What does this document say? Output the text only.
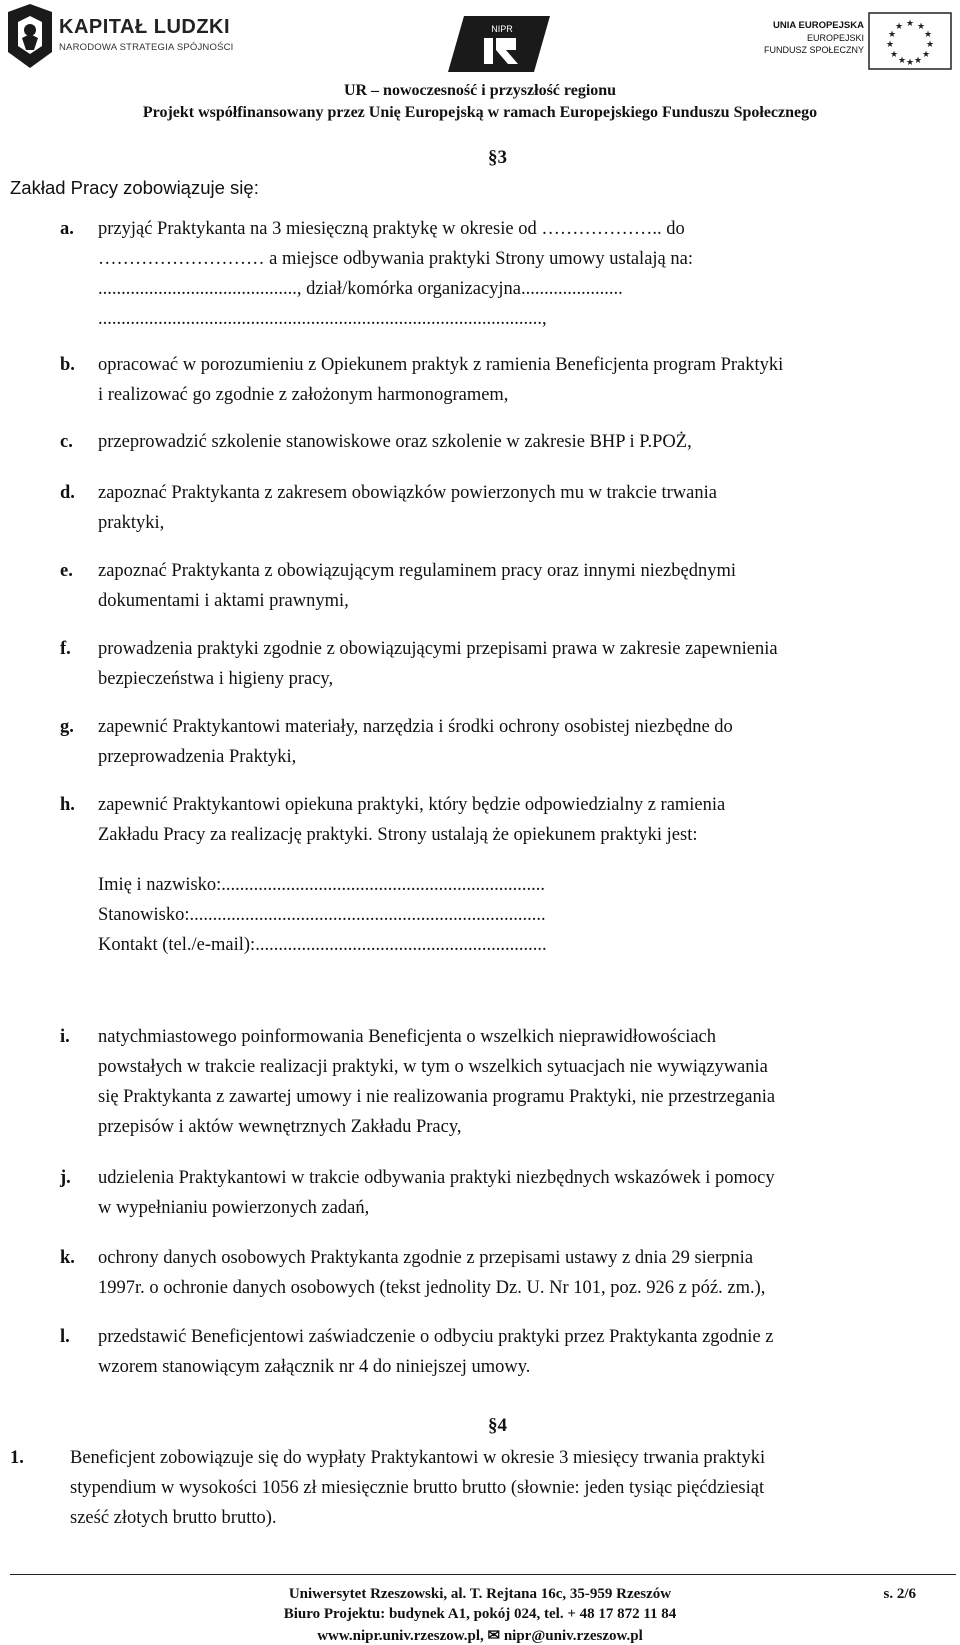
KAPITAŁ LUDZKI
NARODOWA STRATEGIA SPÓJNOŚCI
NIPR	UNIA EUROPEJSKA
EUROPEJSKI
FUNDUSZ SPOŁECZNY
★ ★
★
★
★
★
★
★
★
★
★
★
UR – nowoczesność i przyszłość regionu
Projekt współfinansowany przez Unię Europejską w ramach Europejskiego Funduszu Społecznego
§3
Zakład Pracy zobowiązuje się:
a. przyjąć Praktykanta na 3 miesięczną praktykę w okresie od ……………….. do
……………………… a miejsce odbywania praktyki Strony umowy ustalają na:
..........................................., dział/komórka organizacyjna......................
................................................................................................,
b. opracować w porozumieniu z Opiekunem praktyk z ramienia Beneficjenta program Praktyki
i realizować go zgodnie z założonym harmonogramem,
c. przeprowadzić szkolenie stanowiskowe oraz szkolenie w zakresie BHP i P.POŻ,
d. zapoznać Praktykanta z zakresem obowiązków powierzonych mu w trakcie trwania
praktyki,
e. zapoznać Praktykanta z obowiązującym regulaminem pracy oraz innymi niezbędnymi
dokumentami i aktami prawnymi,
f. prowadzenia praktyki zgodnie z obowiązującymi przepisami prawa w zakresie zapewnienia
bezpieczeństwa i higieny pracy,
g. zapewnić Praktykantowi materiały, narzędzia i środki ochrony osobistej niezbędne do
przeprowadzenia Praktyki,
h. zapewnić Praktykantowi opiekuna praktyki, który będzie odpowiedzialny z ramienia
Zakładu Pracy za realizację praktyki. Strony ustalają że opiekunem praktyki jest:
Imię i nazwisko:......................................................................
Stanowisko:.............................................................................
Kontakt (tel./e-mail):...............................................................
i. natychmiastowego poinformowania Beneficjenta o wszelkich nieprawidłowościach
powstałych w trakcie realizacji praktyki, w tym o wszelkich sytuacjach nie wywiązywania
się Praktykanta z zawartej umowy i nie realizowania programu Praktyki, nie przestrzegania
przepisów i aktów wewnętrznych Zakładu Pracy,
j. udzielenia Praktykantowi w trakcie odbywania praktyki niezbędnych wskazówek i pomocy
w wypełnianiu powierzonych zadań,
k. ochrony danych osobowych Praktykanta zgodnie z przepisami ustawy z dnia 29 sierpnia
1997r. o ochronie danych osobowych (tekst jednolity Dz. U. Nr 101, poz. 926 z póź. zm.),
l. przedstawić Beneficjentowi zaświadczenie o odbyciu praktyki przez Praktykanta zgodnie z
wzorem stanowiącym załącznik nr 4 do niniejszej umowy.
§4
1. Beneficjent zobowiązuje się do wypłaty Praktykantowi w okresie 3 miesięcy trwania praktyki
stypendium w wysokości 1056 zł miesięcznie brutto brutto (słownie: jeden tysiąc pięćdziesiąt
sześć złotych brutto brutto).
Uniwersytet Rzeszowski, al. T. Rejtana 16c, 35-959 Rzeszów
Biuro Projektu: budynek A1, pokój 024, tel. + 48 17 872 11 84
www.nipr.univ.rzeszow.pl, ✉ nipr@univ.rzeszow.pl
s. 2/6
